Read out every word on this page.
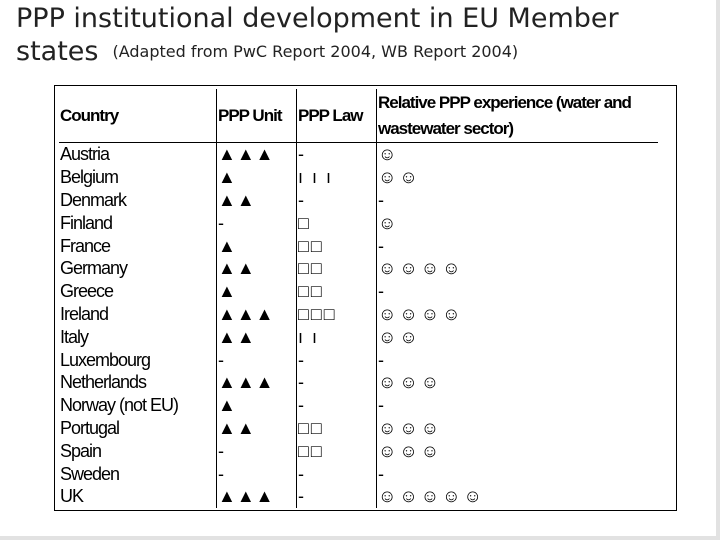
PPP institutional development in EU Member
states (Adapted from PwC Report 2004, WB Report 2004)
Country	PPP Unit	PPP Law	Relative PPP experience (water and wastewater sector)
Austria	▲▲▲	-	☺
Belgium	▲	ı ı ı	☺☺
Denmark	▲▲	-	-
Finland	-	□	☺
France	▲	□□	-
Germany	▲▲	□□	☺☺☺☺
Greece	▲	□□	-
Ireland	▲▲▲	□□□	☺☺☺☺
Italy	▲▲	ı ı	☺☺
Luxembourg	-	-	-
Netherlands	▲▲▲	-	☺☺☺
Norway (not EU)	▲	-	-
Portugal	▲▲	□□	☺☺☺
Spain	-	□□	☺☺☺
Sweden	-	-	-
UK	▲▲▲	-	☺☺☺☺☺
